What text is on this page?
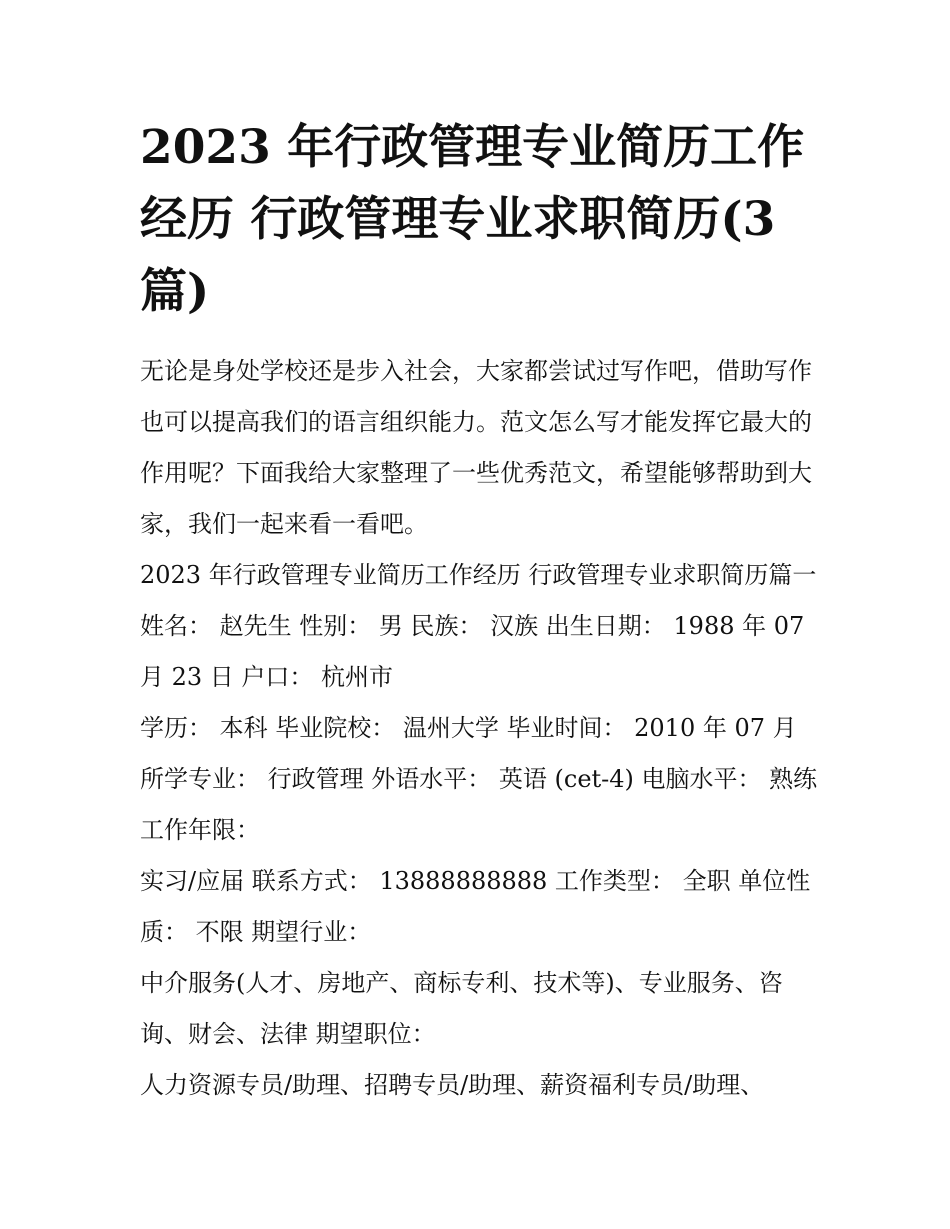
2023 年行政管理专业简历工作经历 行政管理专业求职简历(3篇)

无论是身处学校还是步入社会，大家都尝试过写作吧，借助写作也可以提高我们的语言组织能力。范文怎么写才能发挥它最大的作用呢？下面我给大家整理了一些优秀范文，希望能够帮助到大家，我们一起来看一看吧。

2023 年行政管理专业简历工作经历 行政管理专业求职简历篇一 姓名： 赵先生 性别： 男 民族： 汉族 出生日期： 1988 年 07 月 23 日 户口： 杭州市

学历： 本科 毕业院校： 温州大学 毕业时间： 2010 年 07 月 所学专业： 行政管理 外语水平： 英语 (cet-4) 电脑水平： 熟练 工作年限：

实习/应届 联系方式： 13888888888 工作类型： 全职 单位性质： 不限 期望行业：

中介服务(人才、房地产、商标专利、技术等)、专业服务、咨询、财会、法律 期望职位：

人力资源专员/助理、招聘专员/助理、薪资福利专员/助理、
